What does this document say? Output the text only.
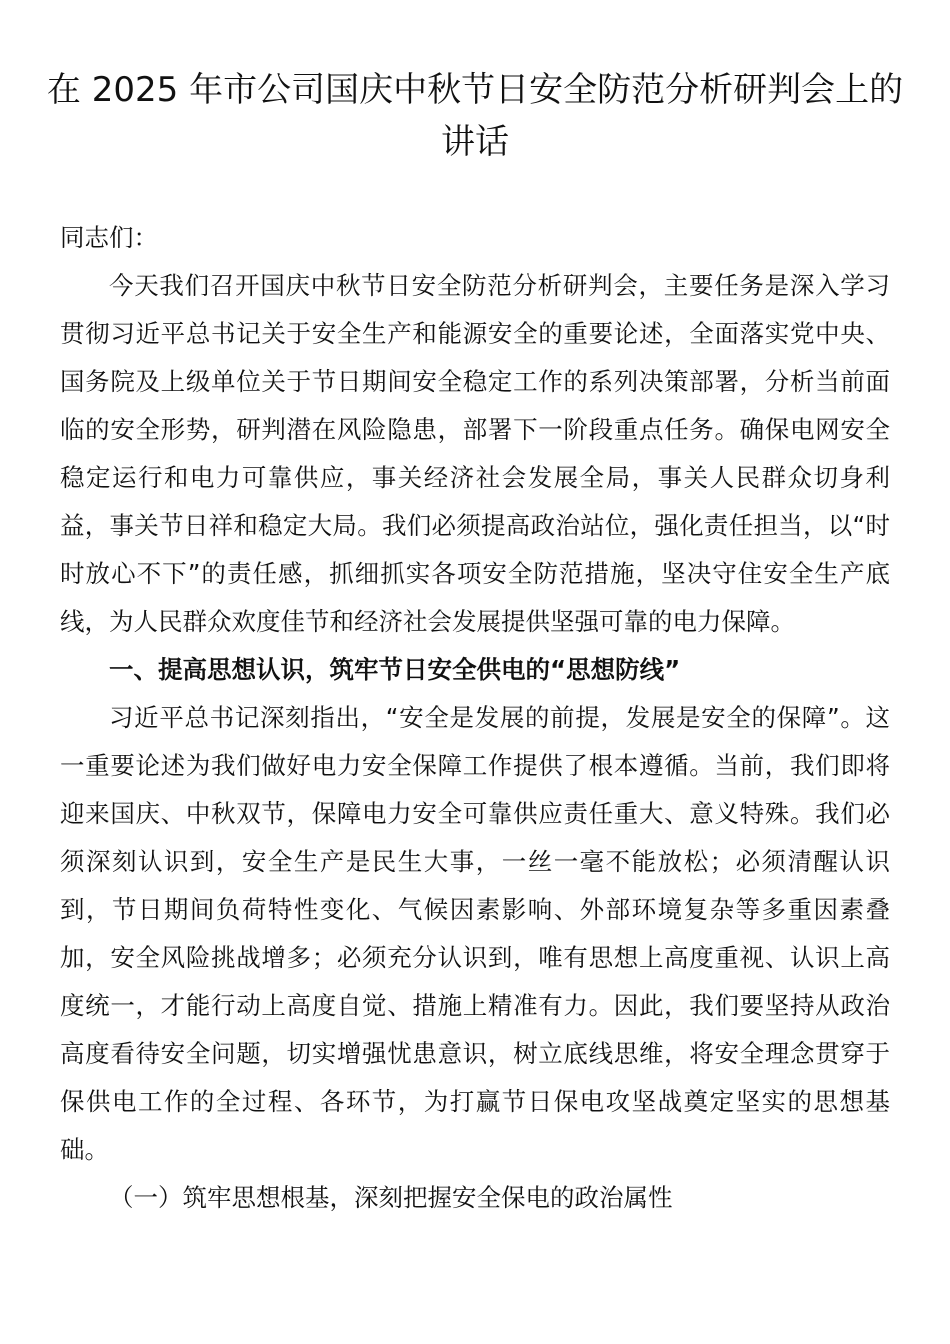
在 2025 年市公司国庆中秋节日安全防范分析研判会上的讲话

同志们：

今天我们召开国庆中秋节日安全防范分析研判会，主要任务是深入学习贯彻习近平总书记关于安全生产和能源安全的重要论述，全面落实党中央、国务院及上级单位关于节日期间安全稳定工作的系列决策部署，分析当前面临的安全形势，研判潜在风险隐患，部署下一阶段重点任务。确保电网安全稳定运行和电力可靠供应，事关经济社会发展全局，事关人民群众切身利益，事关节日祥和稳定大局。我们必须提高政治站位，强化责任担当，以“时时放心不下”的责任感，抓细抓实各项安全防范措施，坚决守住安全生产底线，为人民群众欢度佳节和经济社会发展提供坚强可靠的电力保障。

一、提高思想认识，筑牢节日安全供电的“思想防线”

习近平总书记深刻指出，“安全是发展的前提，发展是安全的保障”。这一重要论述为我们做好电力安全保障工作提供了根本遵循。当前，我们即将迎来国庆、中秋双节，保障电力安全可靠供应责任重大、意义特殊。我们必须深刻认识到，安全生产是民生大事，一丝一毫不能放松；必须清醒认识到，节日期间负荷特性变化、气候因素影响、外部环境复杂等多重因素叠加，安全风险挑战增多；必须充分认识到，唯有思想上高度重视、认识上高度统一，才能行动上高度自觉、措施上精准有力。因此，我们要坚持从政治高度看待安全问题，切实增强忧患意识，树立底线思维，将安全理念贯穿于保供电工作的全过程、各环节，为打赢节日保电攻坚战奠定坚实的思想基础。

（一）筑牢思想根基，深刻把握安全保电的政治属性
